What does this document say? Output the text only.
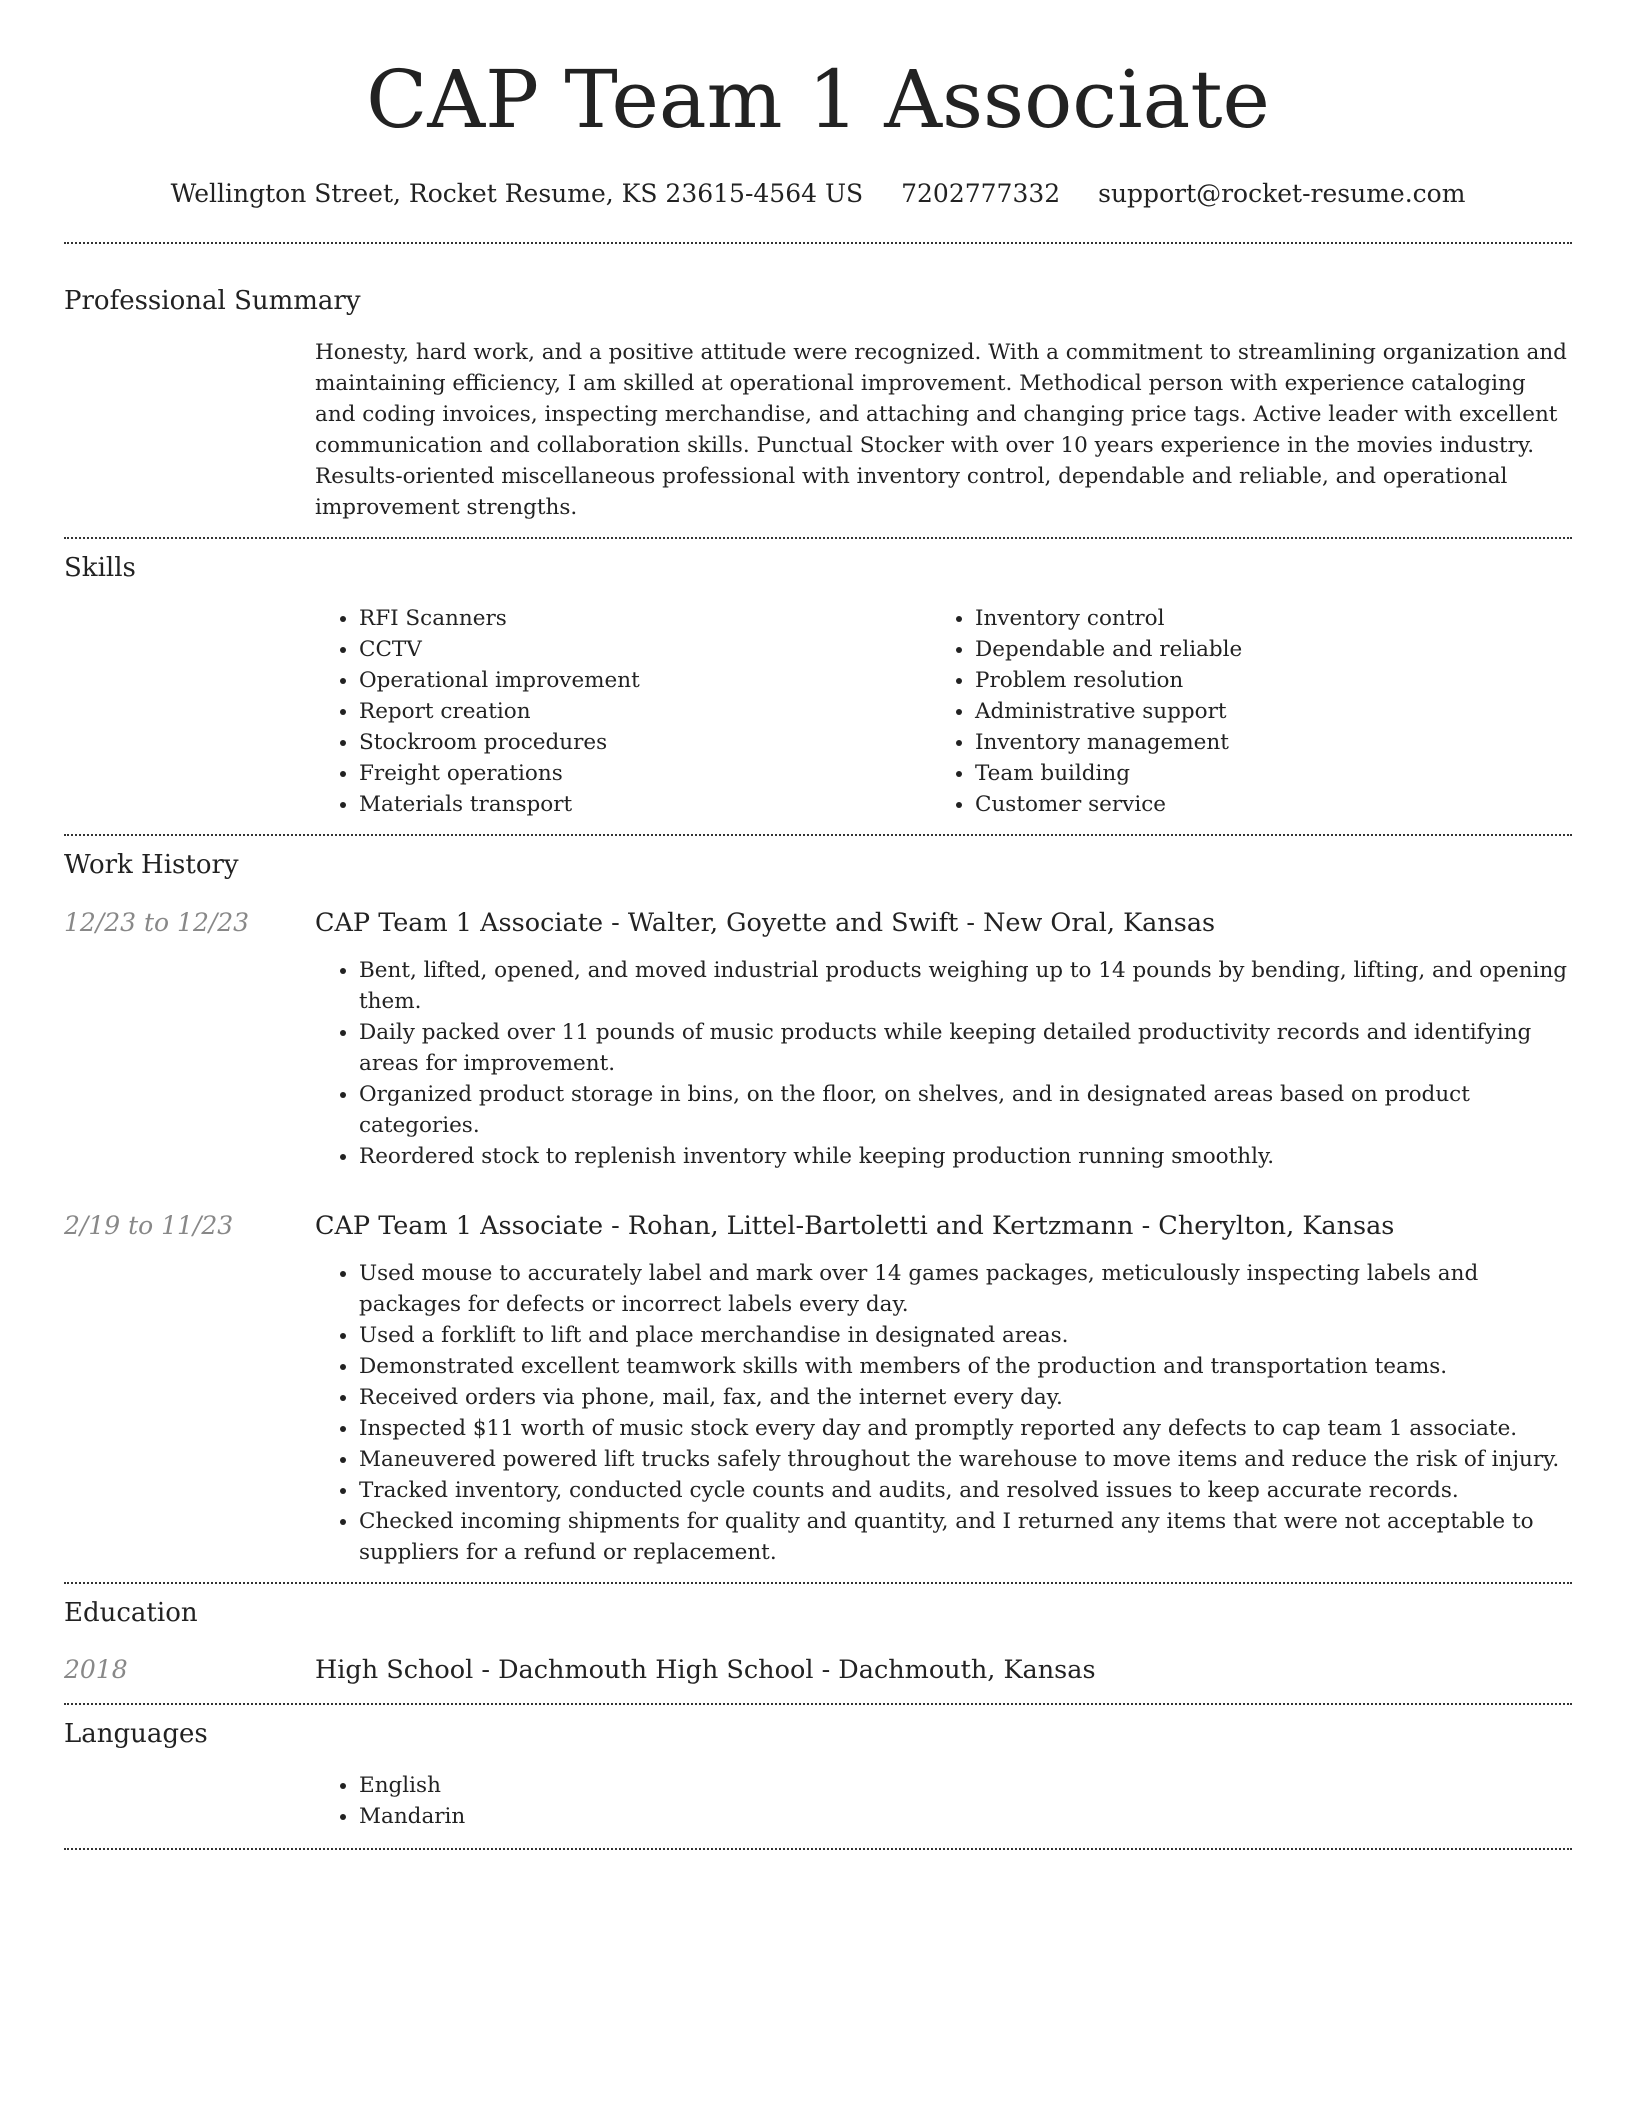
CAP Team 1 Associate
Wellington Street, Rocket Resume, KS 23615-4564 US 7202777332 support@rocket-resume.com
Professional Summary

Honesty, hard work, and a positive attitude were recognized. With a commitment to streamlining organization and maintaining efficiency, I am skilled at operational improvement. Methodical person with experience cataloging and coding invoices, inspecting merchandise, and attaching and changing price tags. Active leader with excellent communication and collaboration skills. Punctual Stocker with over 10 years experience in the movies industry. Results-oriented miscellaneous professional with inventory control, dependable and reliable, and operational improvement strengths.

Skills
• RFI Scanners
• CCTV
• Operational improvement
• Report creation
• Stockroom procedures
• Freight operations
• Materials transport
• Inventory control
• Dependable and reliable
• Problem resolution
• Administrative support
• Inventory management
• Team building
• Customer service
Work History
12/23 to 12/23	CAP Team 1 Associate - Walter, Goyette and Swift - New Oral, Kansas
• Bent, lifted, opened, and moved industrial products weighing up to 14 pounds by bending, lifting, and opening them.
• Daily packed over 11 pounds of music products while keeping detailed productivity records and identifying areas for improvement.
• Organized product storage in bins, on the floor, on shelves, and in designated areas based on product categories.
• Reordered stock to replenish inventory while keeping production running smoothly.
2/19 to 11/23	CAP Team 1 Associate - Rohan, Littel-Bartoletti and Kertzmann - Cherylton, Kansas
• Used mouse to accurately label and mark over 14 games packages, meticulously inspecting labels and packages for defects or incorrect labels every day.
• Used a forklift to lift and place merchandise in designated areas.
• Demonstrated excellent teamwork skills with members of the production and transportation teams.
• Received orders via phone, mail, fax, and the internet every day.
• Inspected $11 worth of music stock every day and promptly reported any defects to cap team 1 associate.
• Maneuvered powered lift trucks safely throughout the warehouse to move items and reduce the risk of injury.
• Tracked inventory, conducted cycle counts and audits, and resolved issues to keep accurate records.
• Checked incoming shipments for quality and quantity, and I returned any items that were not acceptable to suppliers for a refund or replacement.
Education
2018	High School - Dachmouth High School - Dachmouth, Kansas
Languages
• English
• Mandarin
